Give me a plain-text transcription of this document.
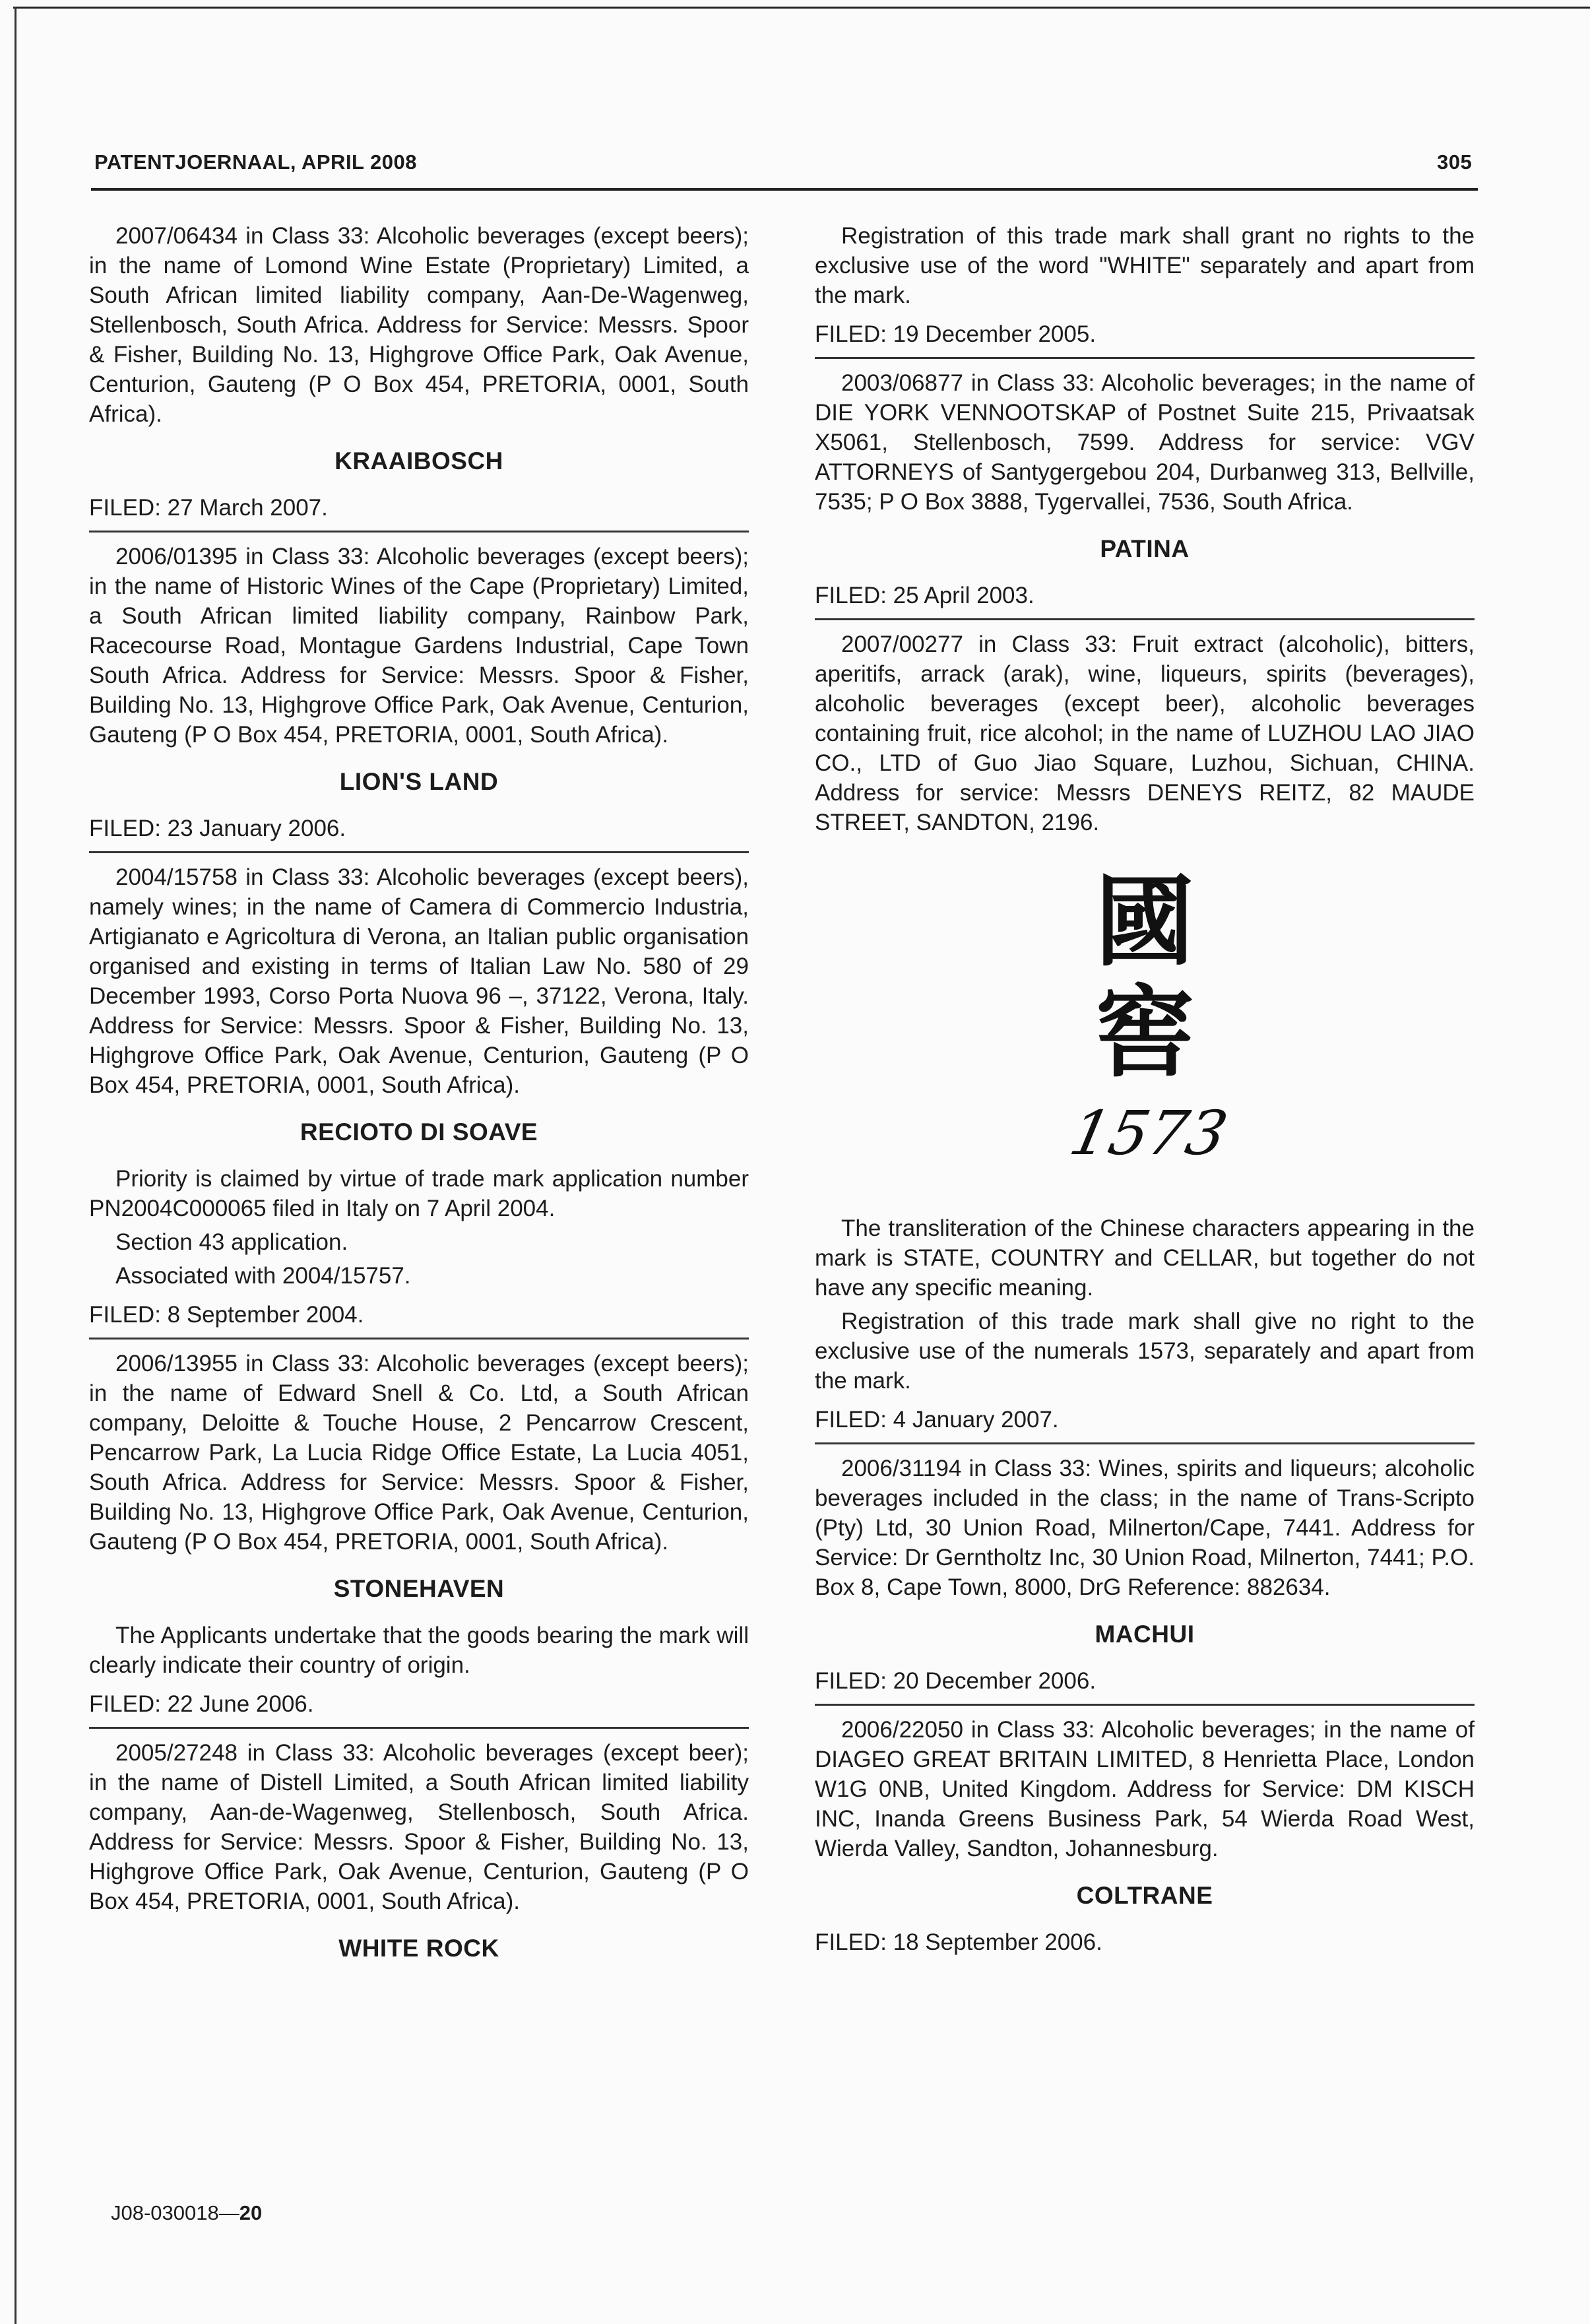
PATENTJOERNAAL, APRIL 2008	305
2007/06434 in Class 33: Alcoholic beverages (except beers); in the name of Lomond Wine Estate (Proprietary) Limited, a South African limited liability company, Aan-De-Wagenweg, Stellenbosch, South Africa. Address for Service: Messrs. Spoor & Fisher, Building No. 13, Highgrove Office Park, Oak Avenue, Centurion, Gauteng (P O Box 454, PRETORIA, 0001, South Africa).
KRAAIBOSCH
FILED: 27 March 2007.
2006/01395 in Class 33: Alcoholic beverages (except beers); in the name of Historic Wines of the Cape (Proprietary) Limited, a South African limited liability company, Rainbow Park, Racecourse Road, Montague Gardens Industrial, Cape Town South Africa. Address for Service: Messrs. Spoor & Fisher, Building No. 13, Highgrove Office Park, Oak Avenue, Centurion, Gauteng (P O Box 454, PRETORIA, 0001, South Africa).
LION'S LAND
FILED: 23 January 2006.
2004/15758 in Class 33: Alcoholic beverages (except beers), namely wines; in the name of Camera di Commercio Industria, Artigianato e Agricoltura di Verona, an Italian public organisation organised and existing in terms of Italian Law No. 580 of 29 December 1993, Corso Porta Nuova 96 –, 37122, Verona, Italy. Address for Service: Messrs. Spoor & Fisher, Building No. 13, Highgrove Office Park, Oak Avenue, Centurion, Gauteng (P O Box 454, PRETORIA, 0001, South Africa).
RECIOTO DI SOAVE
Priority is claimed by virtue of trade mark application number PN2004C000065 filed in Italy on 7 April 2004.
Section 43 application.
Associated with 2004/15757.
FILED: 8 September 2004.
2006/13955 in Class 33: Alcoholic beverages (except beers); in the name of Edward Snell & Co. Ltd, a South African company, Deloitte & Touche House, 2 Pencarrow Crescent, Pencarrow Park, La Lucia Ridge Office Estate, La Lucia 4051, South Africa. Address for Service: Messrs. Spoor & Fisher, Building No. 13, Highgrove Office Park, Oak Avenue, Centurion, Gauteng (P O Box 454, PRETORIA, 0001, South Africa).
STONEHAVEN
The Applicants undertake that the goods bearing the mark will clearly indicate their country of origin.
FILED: 22 June 2006.
2005/27248 in Class 33: Alcoholic beverages (except beer); in the name of Distell Limited, a South African limited liability company, Aan-de-Wagenweg, Stellenbosch, South Africa. Address for Service: Messrs. Spoor & Fisher, Building No. 13, Highgrove Office Park, Oak Avenue, Centurion, Gauteng (P O Box 454, PRETORIA, 0001, South Africa).
WHITE ROCK
Registration of this trade mark shall grant no rights to the exclusive use of the word "WHITE" separately and apart from the mark.
FILED: 19 December 2005.
2003/06877 in Class 33: Alcoholic beverages; in the name of DIE YORK VENNOOTSKAP of Postnet Suite 215, Privaatsak X5061, Stellenbosch, 7599. Address for service: VGV ATTORNEYS of Santygergebou 204, Durbanweg 313, Bellville, 7535; P O Box 3888, Tygervallei, 7536, South Africa.
PATINA
FILED: 25 April 2003.
2007/00277 in Class 33: Fruit extract (alcoholic), bitters, aperitifs, arrack (arak), wine, liqueurs, spirits (beverages), alcoholic beverages (except beer), alcoholic beverages containing fruit, rice alcohol; in the name of LUZHOU LAO JIAO CO., LTD of Guo Jiao Square, Luzhou, Sichuan, CHINA. Address for service: Messrs DENEYS REITZ, 82 MAUDE STREET, SANDTON, 2196.
國
窖
1573
The transliteration of the Chinese characters appearing in the mark is STATE, COUNTRY and CELLAR, but together do not have any specific meaning.
Registration of this trade mark shall give no right to the exclusive use of the numerals 1573, separately and apart from the mark.
FILED: 4 January 2007.
2006/31194 in Class 33: Wines, spirits and liqueurs; alcoholic beverages included in the class; in the name of Trans-Scripto (Pty) Ltd, 30 Union Road, Milnerton/Cape, 7441. Address for Service: Dr Gerntholtz Inc, 30 Union Road, Milnerton, 7441; P.O. Box 8, Cape Town, 8000, DrG Reference: 882634.
MACHUI
FILED: 20 December 2006.
2006/22050 in Class 33: Alcoholic beverages; in the name of DIAGEO GREAT BRITAIN LIMITED, 8 Henrietta Place, London W1G 0NB, United Kingdom. Address for Service: DM KISCH INC, Inanda Greens Business Park, 54 Wierda Road West, Wierda Valley, Sandton, Johannesburg.
COLTRANE
FILED: 18 September 2006.
J08-030018—20
